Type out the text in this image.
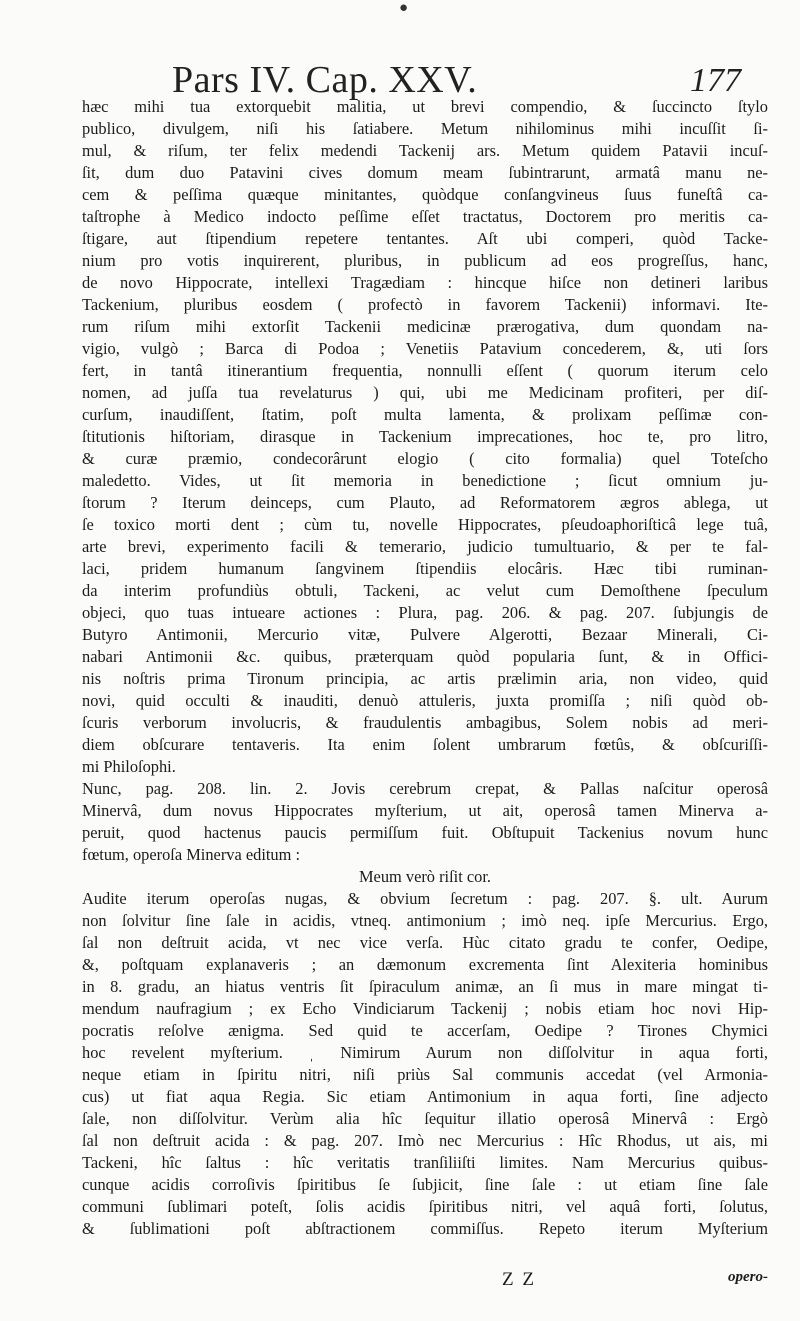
●
Pars IV. Cap. XXV.	177
hæc mihi tua extorquebit malitia, ut brevi compendio, & ſuccincto ſtylo
publico, divulgem, niſi his ſatiabere. Metum nihilominus mihi incuſſit ſi-
mul, & riſum, ter felix medendi Tackenij ars. Metum quidem Patavii incuſ-
ſit, dum duo Patavini cives domum meam ſubintrarunt, armatâ manu ne-
cem & peſſima quæque minitantes, quòdque conſangvineus ſuus funeſtâ ca-
taſtrophe à Medico indocto peſſime eſſet tractatus, Doctorem pro meritis ca-
ſtigare, aut ſtipendium repetere tentantes. Aſt ubi comperi, quòd Tacke-
nium pro votis inquirerent, pluribus, in publicum ad eos progreſſus, hanc,
de novo Hippocrate, intellexi Tragædiam : hincque hiſce non detineri laribus
Tackenium, pluribus eosdem ( profectò in favorem Tackenii) informavi. Ite-
rum riſum mihi extorſit Tackenii medicinæ prærogativa, dum quondam na-
vigio, vulgò ; Barca di Podoa ; Venetiis Patavium concederem, &, uti ſors
fert, in tantâ itinerantium frequentia, nonnulli eſſent ( quorum iterum celo
nomen, ad juſſa tua revelaturus ) qui, ubi me Medicinam profiteri, per diſ-
curſum, inaudiſſent, ſtatim, poſt multa lamenta, & prolixam peſſimæ con-
ſtitutionis hiſtoriam, dirasque in Tackenium imprecationes, hoc te, pro litro,
& curæ præmio, condecorârunt elogio ( cito formalia) quel Toteſcho
maledetto. Vides, ut ſit memoria in benedictione ; ſicut omnium ju-
ſtorum ? Iterum deinceps, cum Plauto, ad Reformatorem ægros ablega, ut
ſe toxico morti dent ; cùm tu, novelle Hippocrates, pſeudoaphoriſticâ lege tuâ,
arte brevi, experimento facili & temerario, judicio tumultuario, & per te fal-
laci, pridem humanum ſangvinem ſtipendiis elocâris. Hæc tibi ruminan-
da interim profundiùs obtuli, Tackeni, ac velut cum Demoſthene ſpeculum
objeci, quo tuas intueare actiones : Plura, pag. 206. & pag. 207. ſubjungis de
Butyro Antimonii, Mercurio vitæ, Pulvere Algerotti, Bezaar Minerali, Ci-
nabari Antimonii &c. quibus, præterquam quòd popularia ſunt, & in Offici-
nis noſtris prima Tironum principia, ac artis prælimin aria, non video, quid
novi, quid occulti & inauditi, denuò attuleris, juxta promiſſa ; niſi quòd ob-
ſcuris verborum involucris, & fraudulentis ambagibus, Solem nobis ad meri-
diem obſcurare tentaveris. Ita enim ſolent umbrarum fœtûs, & obſcuriſſi-
mi Philoſophi.
Nunc, pag. 208. lin. 2. Jovis cerebrum crepat, & Pallas naſcitur operosâ
Minervâ, dum novus Hippocrates myſterium, ut ait, operosâ tamen Minerva a-
peruit, quod hactenus paucis permiſſum fuit. Obſtupuit Tackenius novum hunc
fœtum, operoſa Minerva editum :
Meum verò riſit cor.
Audite iterum operoſas nugas, & obvium ſecretum : pag. 207. §. ult. Aurum
non ſolvitur ſine ſale in acidis, vtneq. antimonium ; imò neq. ipſe Mercurius. Ergo,
ſal non deſtruit acida, vt nec vice verſa. Hùc citato gradu te confer, Oedipe,
&, poſtquam explanaveris ; an dæmonum excrementa ſint Alexiteria hominibus
in 8. gradu, an hiatus ventris ſit ſpiraculum animæ, an ſi mus in mare mingat ti-
mendum naufragium ; ex Echo Vindiciarum Tackenij ; nobis etiam hoc novi Hip-
pocratis reſolve ænigma. Sed quid te accerſam, Oedipe ? Tirones Chymici
hoc revelent myſterium. ˌ Nimirum Aurum non diſſolvitur in aqua forti,
neque etiam in ſpiritu nitri, niſi priùs Sal communis accedat (vel Armonia-
cus) ut fiat aqua Regia. Sic etiam Antimonium in aqua forti, ſine adjecto
ſale, non diſſolvitur. Verùm alia hîc ſequitur illatio operosâ Minervâ : Ergò
ſal non deſtruit acida : & pag. 207. Imò nec Mercurius : Hîc Rhodus, ut ais, mi
Tackeni, hîc ſaltus : hîc veritatis tranſiliiſti limites. Nam Mercurius quibus-
cunque acidis corroſivis ſpiritibus ſe ſubjicit, ſine ſale : ut etiam ſine ſale
communi ſublimari poteſt, ſolis acidis ſpiritibus nitri, vel aquâ forti, ſolutus,
& ſublimationi poſt abſtractionem commiſſus. Repeto iterum Myſterium
Z Z	opero-
